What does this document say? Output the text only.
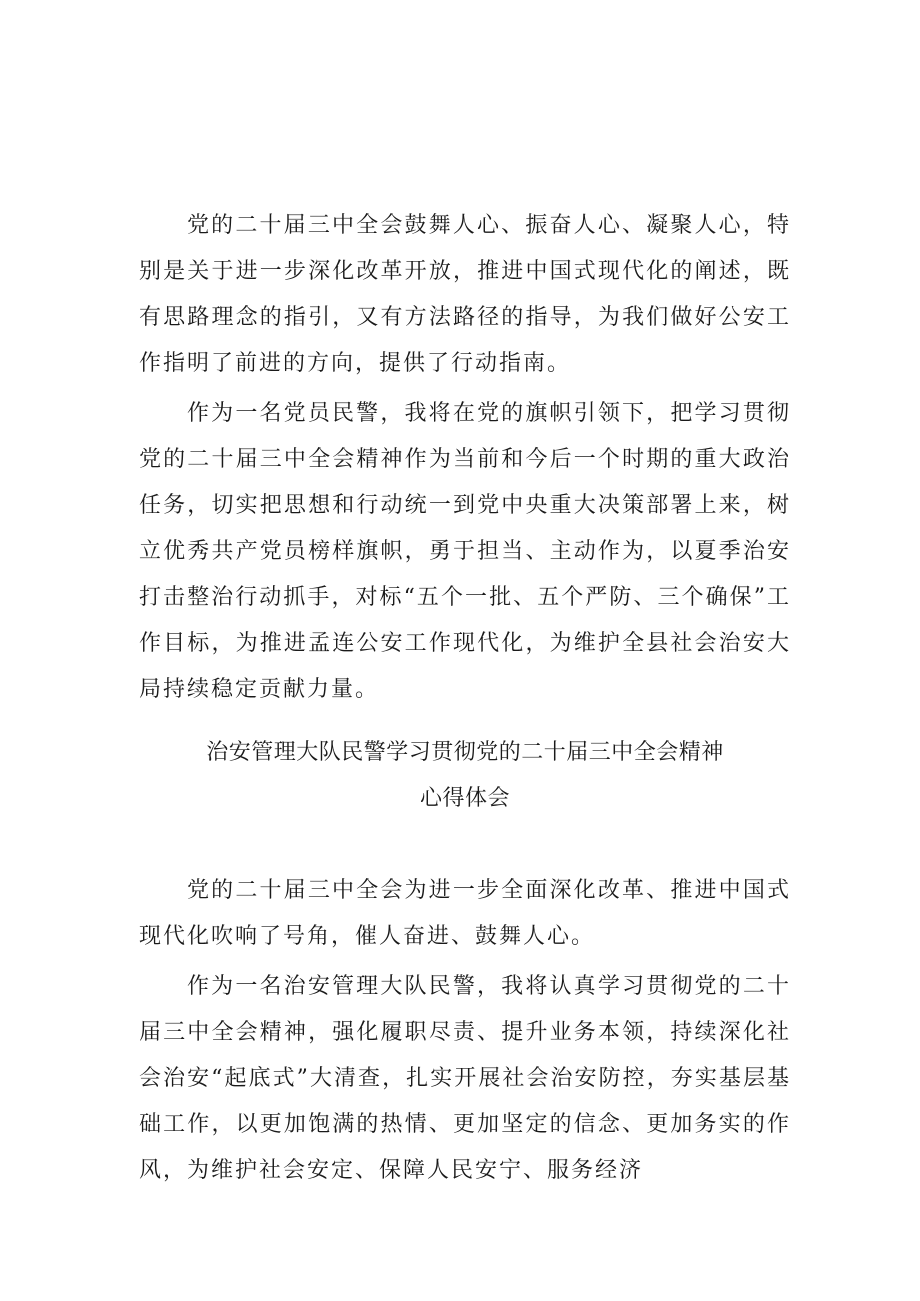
党的二十届三中全会鼓舞人心、振奋人心、凝聚人心，特别是关于进一步深化改革开放，推进中国式现代化的阐述，既有思路理念的指引，又有方法路径的指导，为我们做好公安工作指明了前进的方向，提供了行动指南。

作为一名党员民警，我将在党的旗帜引领下，把学习贯彻党的二十届三中全会精神作为当前和今后一个时期的重大政治任务，切实把思想和行动统一到党中央重大决策部署上来，树立优秀共产党员榜样旗帜，勇于担当、主动作为，以夏季治安打击整治行动抓手，对标“五个一批、五个严防、三个确保”工作目标，为推进孟连公安工作现代化，为维护全县社会治安大局持续稳定贡献力量。

治安管理大队民警学习贯彻党的二十届三中全会精神
心得体会

党的二十届三中全会为进一步全面深化改革、推进中国式现代化吹响了号角，催人奋进、鼓舞人心。

作为一名治安管理大队民警，我将认真学习贯彻党的二十届三中全会精神，强化履职尽责、提升业务本领，持续深化社会治安“起底式”大清查，扎实开展社会治安防控，夯实基层基础工作，以更加饱满的热情、更加坚定的信念、更加务实的作风，为维护社会安定、保障人民安宁、服务经济
